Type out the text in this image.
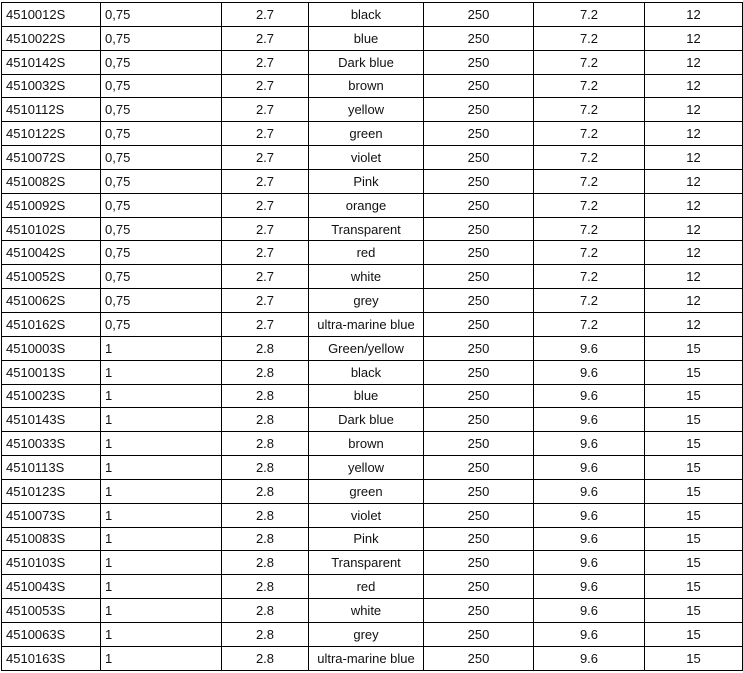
4510012S	0,75	2.7	black	250	7.2	12
4510022S	0,75	2.7	blue	250	7.2	12
4510142S	0,75	2.7	Dark blue	250	7.2	12
4510032S	0,75	2.7	brown	250	7.2	12
4510112S	0,75	2.7	yellow	250	7.2	12
4510122S	0,75	2.7	green	250	7.2	12
4510072S	0,75	2.7	violet	250	7.2	12
4510082S	0,75	2.7	Pink	250	7.2	12
4510092S	0,75	2.7	orange	250	7.2	12
4510102S	0,75	2.7	Transparent	250	7.2	12
4510042S	0,75	2.7	red	250	7.2	12
4510052S	0,75	2.7	white	250	7.2	12
4510062S	0,75	2.7	grey	250	7.2	12
4510162S	0,75	2.7	ultra-marine blue	250	7.2	12
4510003S	1	2.8	Green/yellow	250	9.6	15
4510013S	1	2.8	black	250	9.6	15
4510023S	1	2.8	blue	250	9.6	15
4510143S	1	2.8	Dark blue	250	9.6	15
4510033S	1	2.8	brown	250	9.6	15
4510113S	1	2.8	yellow	250	9.6	15
4510123S	1	2.8	green	250	9.6	15
4510073S	1	2.8	violet	250	9.6	15
4510083S	1	2.8	Pink	250	9.6	15
4510103S	1	2.8	Transparent	250	9.6	15
4510043S	1	2.8	red	250	9.6	15
4510053S	1	2.8	white	250	9.6	15
4510063S	1	2.8	grey	250	9.6	15
4510163S	1	2.8	ultra-marine blue	250	9.6	15
